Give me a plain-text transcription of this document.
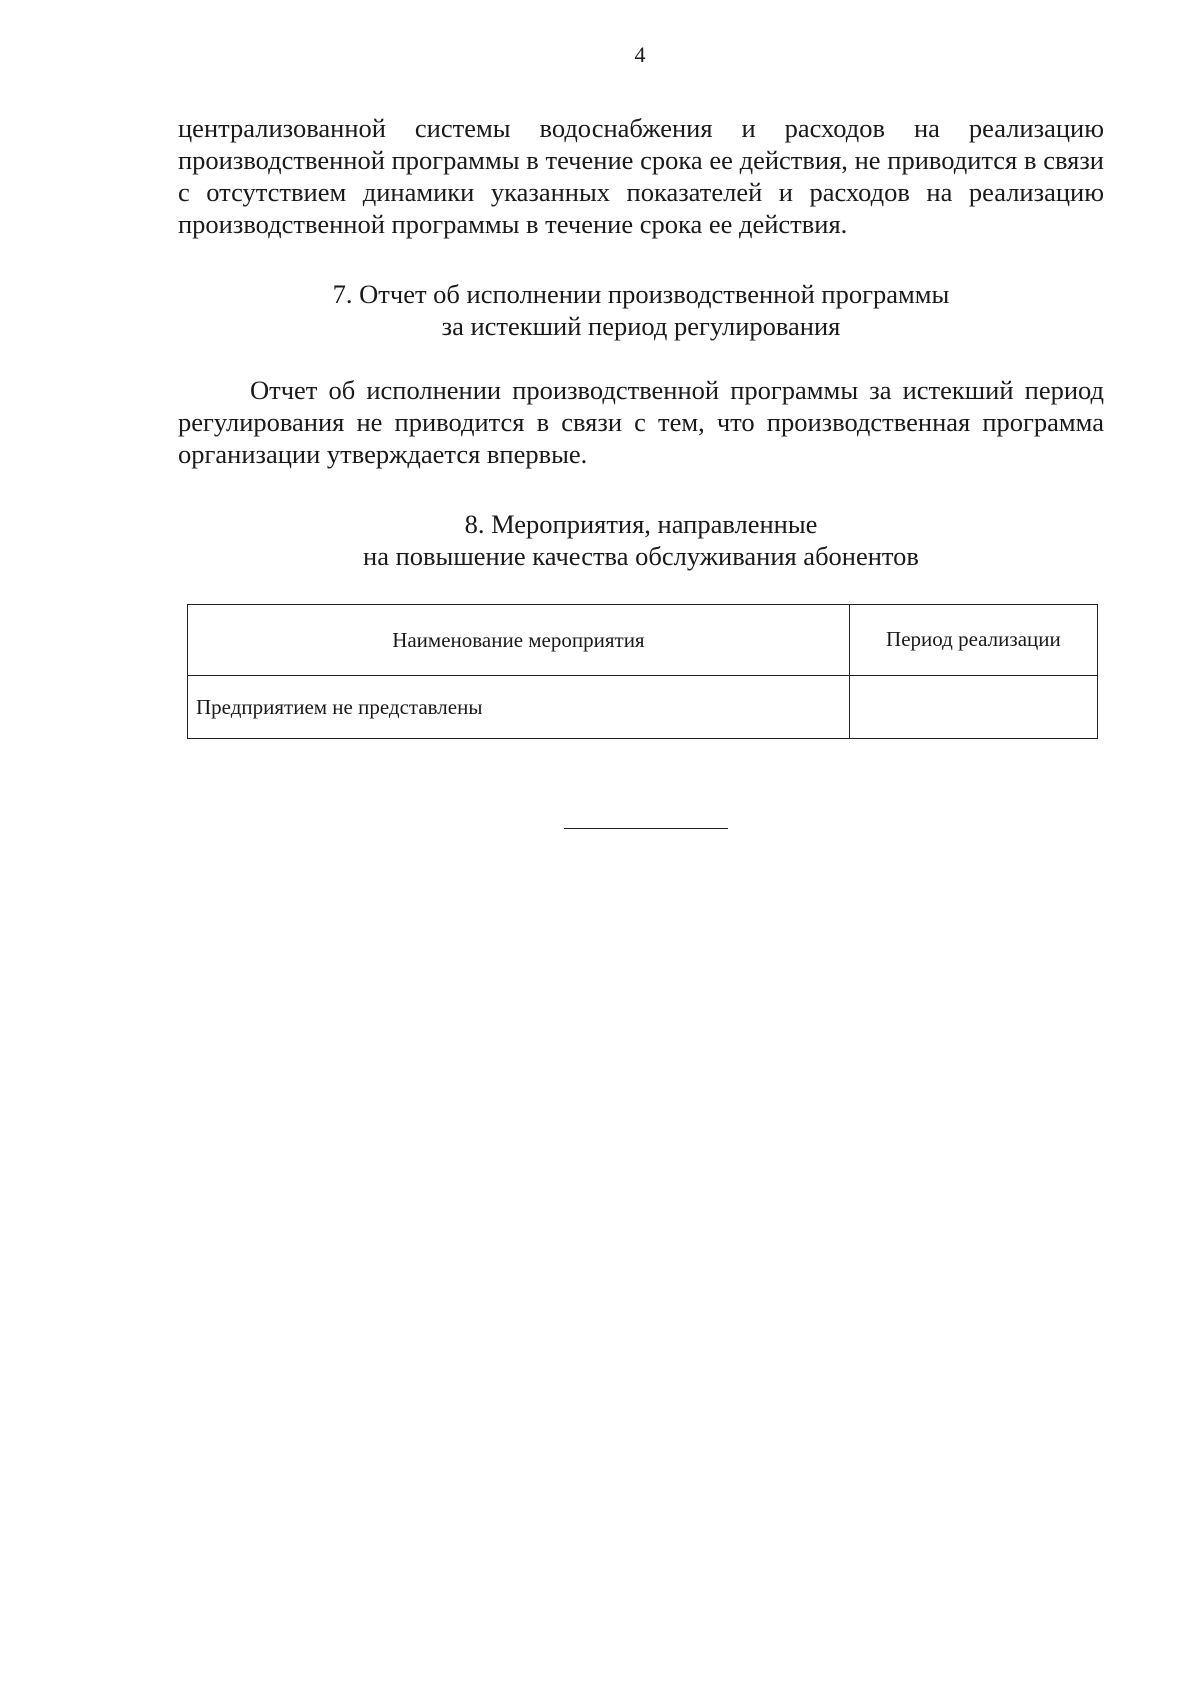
4

централизованной системы водоснабжения и расходов на реализацию производственной программы в течение срока ее действия, не приводится в связи с отсутствием динамики указанных показателей и расходов на реализацию производственной программы в течение срока ее действия.

7. Отчет об исполнении производственной программы
за истекший период регулирования

Отчет об исполнении производственной программы за истекший период регулирования не приводится в связи с тем, что производственная программа организации утверждается впервые.

8. Мероприятия, направленные
на повышение качества обслуживания абонентов
Наименование мероприятия	Период реализации
Предприятием не представлены	
